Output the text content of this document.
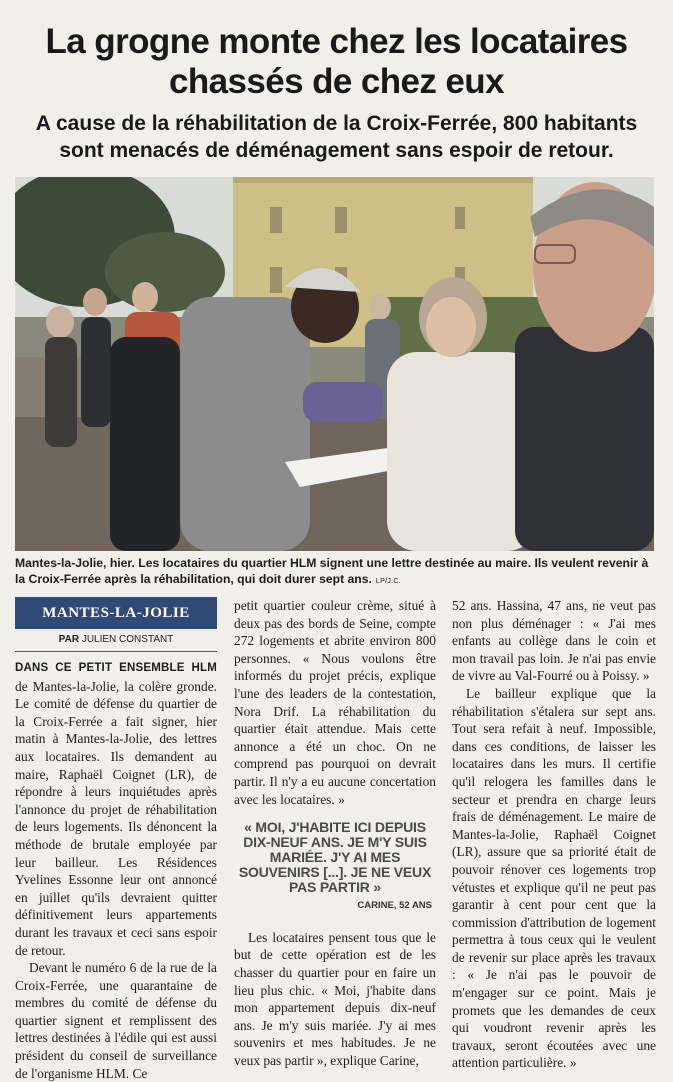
La grogne monte chez les locataires
chassés de chez eux
A cause de la réhabilitation de la Croix-Ferrée, 800 habitants
sont menacés de déménagement sans espoir de retour.
Mantes-la-Jolie, hier. Les locataires du quartier HLM signent une lettre destinée au maire. Ils veulent revenir à la Croix-Ferrée après la réhabilitation, qui doit durer sept ans. LP/J.C.
MANTES-LA-JOLIE
PAR JULIEN CONSTANT

DANS CE PETIT ENSEMBLE HLM de Mantes-la-Jolie, la colère gronde. Le comité de défense du quartier de la Croix-Ferrée a fait signer, hier matin à Mantes-la-Jolie, des lettres aux locataires. Ils demandent au maire, Raphaël Coignet (LR), de répondre à leurs inquiétudes après l'annonce du projet de réhabilitation de leurs logements. Ils dénoncent la méthode de brutale employée par leur bailleur. Les Résidences Yvelines Essonne leur ont annoncé en juillet qu'ils devraient quitter définitivement leurs appartements durant les travaux et ceci sans espoir de retour.

Devant le numéro 6 de la rue de la Croix-Ferrée, une quarantaine de membres du comité de défense du quartier signent et remplissent des lettres destinées à l'édile qui est aussi président du conseil de surveillance de l'organisme HLM. Ce

petit quartier couleur crème, situé à deux pas des bords de Seine, compte 272 logements et abrite environ 800 personnes. « Nous voulons être informés du projet précis, explique l'une des leaders de la contestation, Nora Drif. La réhabilitation du quartier était attendue. Mais cette annonce a été un choc. On ne comprend pas pourquoi on devrait partir. Il n'y a eu aucune concertation avec les locataires. »

« MOI, J'HABITE ICI DEPUIS DIX-NEUF ANS. JE M'Y SUIS MARIÉE. J'Y AI MES SOUVENIRS [...]. JE NE VEUX PAS PARTIR »
CARINE, 52 ANS

Les locataires pensent tous que le but de cette opération est de les chasser du quartier pour en faire un lieu plus chic. « Moi, j'habite dans mon appartement depuis dix-neuf ans. Je m'y suis mariée. J'y ai mes souvenirs et mes habitudes. Je ne veux pas partir », explique Carine,

52 ans. Hassina, 47 ans, ne veut pas non plus déménager : « J'ai mes enfants au collège dans le coin et mon travail pas loin. Je n'ai pas envie de vivre au Val-Fourré ou à Poissy. »

Le bailleur explique que la réhabilitation s'étalera sur sept ans. Tout sera refait à neuf. Impossible, dans ces conditions, de laisser les locataires dans les murs. Il certifie qu'il relogera les familles dans le secteur et prendra en charge leurs frais de déménagement. Le maire de Mantes-la-Jolie, Raphaël Coignet (LR), assure que sa priorité était de pouvoir rénover ces logements trop vétustes et explique qu'il ne peut pas garantir à cent pour cent que la commission d'attribution de logement permettra à tous ceux qui le veulent de revenir sur place après les travaux : « Je n'ai pas le pouvoir de m'engager sur ce point. Mais je promets que les demandes de ceux qui voudront revenir après les travaux, seront écoutées avec une attention particulière. »
